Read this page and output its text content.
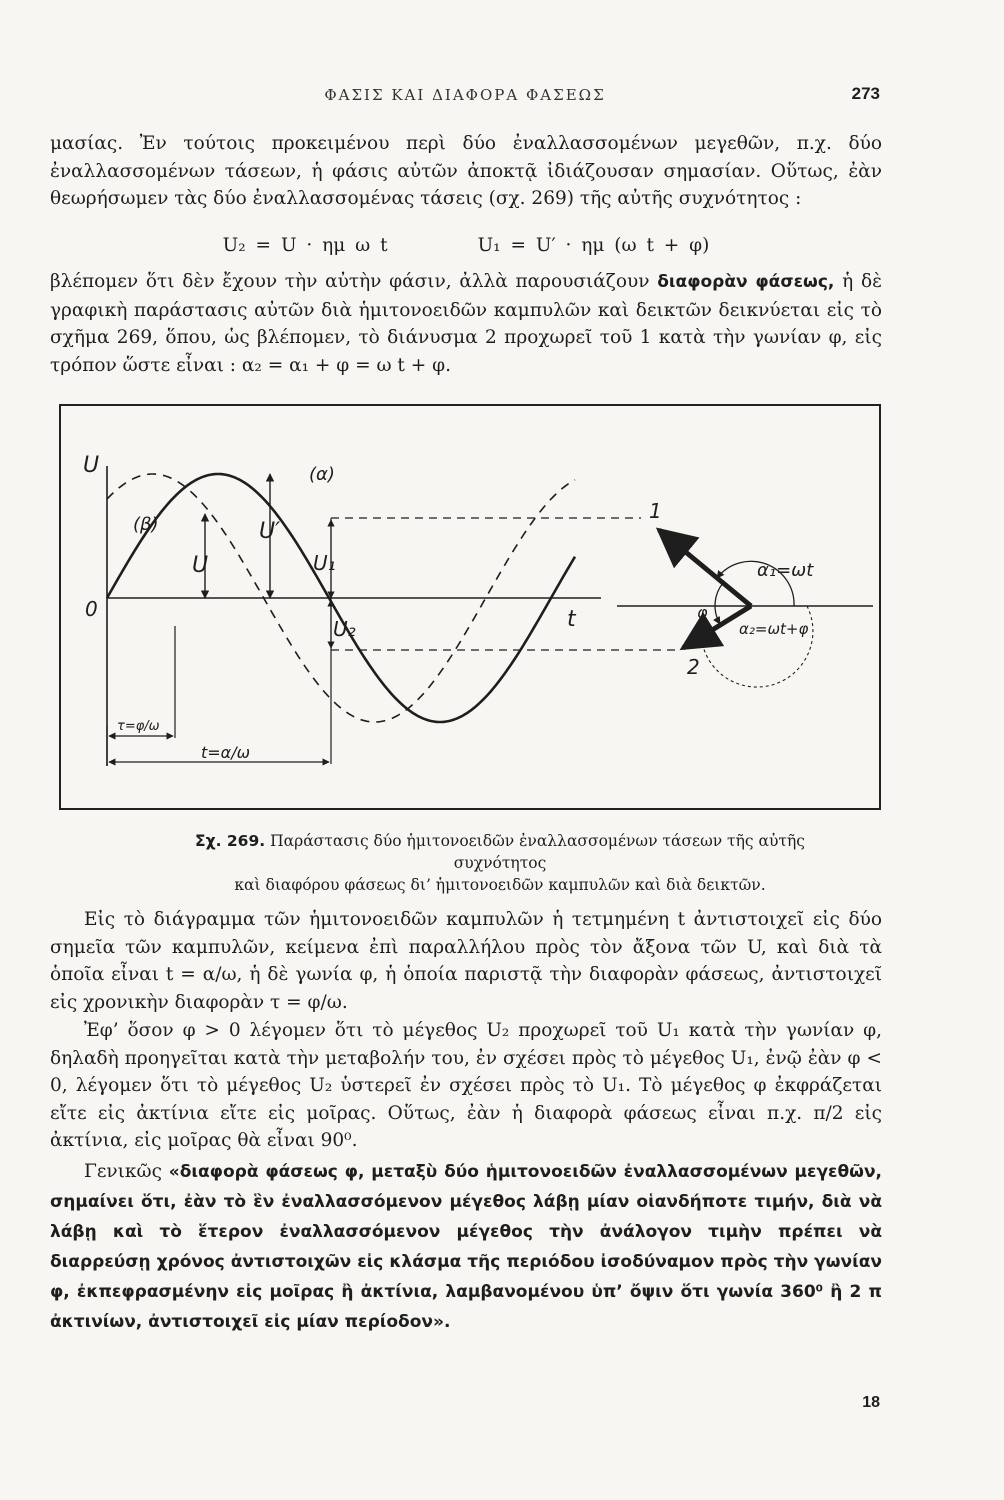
ΦΑΣΙΣ ΚΑΙ ΔΙΑΦΟΡΑ ΦΑΣΕΩΣ	273

μασίας. Ἐν τούτοις προκειμένου περὶ δύο ἐναλλασσομένων μεγεθῶν, π.χ. δύο ἐναλλασσομένων τάσεων, ἡ φάσις αὐτῶν ἀποκτᾷ ἰδιάζουσαν σημασίαν. Οὕτως, ἐὰν θεωρήσωμεν τὰς δύο ἐναλλασσομένας τάσεις (σχ. 269) τῆς αὐτῆς συχνότητος :

U₂ = U · ημ ω t	U₁ = U′ · ημ (ω t + φ)

βλέπομεν ὅτι δὲν ἔχουν τὴν αὐτὴν φάσιν, ἀλλὰ παρουσιάζουν διαφορὰν φάσεως, ἡ δὲ γραφικὴ παράστασις αὐτῶν διὰ ἡμιτονοειδῶν καμπυλῶν καὶ δεικτῶν δεικνύεται εἰς τὸ σχῆμα 269, ὅπου, ὡς βλέπομεν, τὸ διάνυσμα 2 προχωρεῖ τοῦ 1 κατὰ τὴν γωνίαν φ, εἰς τρόπον ὥστε εἶναι : α₂ = α₁ + φ = ω t + φ.

U
0	t
(α)
(β)	U′
U	U₁
U₂
τ=φ/ω
t=α/ω
1
2
α₁=ωt
α₂=ωt+φ
φ
Σχ. 269. Παράστασις δύο ἡμιτονοειδῶν ἐναλλασσομένων τάσεων τῆς αὐτῆς συχνότητος
καὶ διαφόρου φάσεως δι’ ἡμιτονοειδῶν καμπυλῶν καὶ διὰ δεικτῶν.

Εἰς τὸ διάγραμμα τῶν ἡμιτονοειδῶν καμπυλῶν ἡ τετμημένη t ἀντιστοιχεῖ εἰς δύο σημεῖα τῶν καμπυλῶν, κείμενα ἐπὶ παραλλήλου πρὸς τὸν ἄξονα τῶν U, καὶ διὰ τὰ ὁποῖα εἶναι t = α/ω, ἡ δὲ γωνία φ, ἡ ὁποία παριστᾷ τὴν διαφορὰν φάσεως, ἀντιστοιχεῖ εἰς χρονικὴν διαφορὰν τ = φ/ω.

Ἐφ’ ὅσον φ > 0 λέγομεν ὅτι τὸ μέγεθος U₂ προχωρεῖ τοῦ U₁ κατὰ τὴν γωνίαν φ, δηλαδὴ προηγεῖται κατὰ τὴν μεταβολήν του, ἐν σχέσει πρὸς τὸ μέγεθος U₁, ἐνῷ ἐὰν φ < 0, λέγομεν ὅτι τὸ μέγεθος U₂ ὑστερεῖ ἐν σχέσει πρὸς τὸ U₁. Τὸ μέγεθος φ ἐκφράζεται εἴτε εἰς ἀκτίνια εἴτε εἰς μοῖρας. Οὕτως, ἐὰν ἡ διαφορὰ φάσεως εἶναι π.χ. π/2 εἰς ἀκτίνια, εἰς μοῖρας θὰ εἶναι 90⁰.

Γενικῶς «διαφορὰ φάσεως φ, μεταξὺ δύο ἡμιτονοειδῶν ἐναλλασσομένων μεγεθῶν, σημαίνει ὅτι, ἐὰν τὸ ἓν ἐναλλασσόμενον μέγεθος λάβῃ μίαν οἱανδήποτε τιμήν, διὰ νὰ λάβῃ καὶ τὸ ἕτερον ἐναλλασσόμενον μέγεθος τὴν ἀνάλογον τιμὴν πρέπει νὰ διαρρεύσῃ χρόνος ἀντιστοιχῶν εἰς κλάσμα τῆς περιόδου ἰσοδύναμον πρὸς τὴν γωνίαν φ, ἐκπεφρασμένην εἰς μοῖρας ἢ ἀκτίνια, λαμβανομένου ὑπ’ ὄψιν ὅτι γωνία 360⁰ ἢ 2 π ἀκτινίων, ἀντιστοιχεῖ εἰς μίαν περίοδον».

18
